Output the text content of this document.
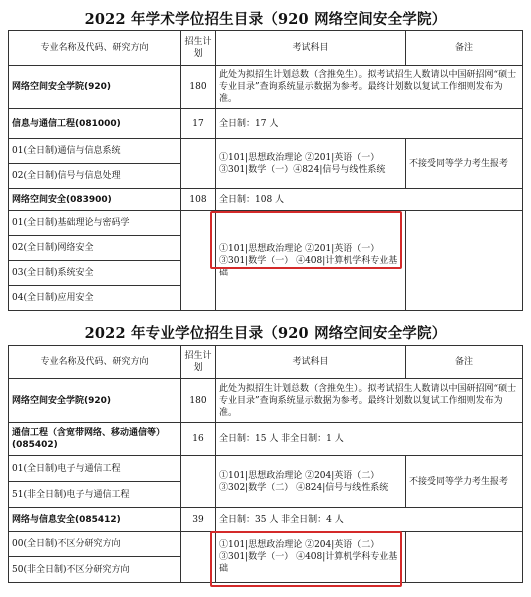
2022 年学术学位招生目录（920 网络空间安全学院）
专业名称及代码、研究方向	招生计划	考试科目	备注
网络空间安全学院(920)	180	此处为拟招生计划总数（含推免生）。拟考试招生人数请以中国研招网“硕士专业目录”查询系统显示数据为参考。最终计划数以复试工作细则发布为准。	
信息与通信工程(081000)	17	全日制：17 人	
01(全日制)通信与信息系统		①101|思想政治理论 ②201|英语（一）③301|数学（一）④824|信号与线性系统	不接受同等学力考生报考
02(全日制)信号与信息处理			
网络空间安全(083900)	108	全日制：108 人	
01(全日制)基础理论与密码学		①101|思想政治理论 ②201|英语（一）③301|数学（一） ④408|计算机学科专业基础	
02(全日制)网络安全			
03(全日制)系统安全			
04(全日制)应用安全			
2022 年专业学位招生目录（920 网络空间安全学院）
专业名称及代码、研究方向	招生计划	考试科目	备注
网络空间安全学院(920)	180	此处为拟招生计划总数（含推免生）。拟考试招生人数请以中国研招网“硕士专业目录”查询系统显示数据为参考。最终计划数以复试工作细则发布为准。	
通信工程（含宽带网络、移动通信等）(085402)	16	全日制：15 人 非全日制：1 人	
01(全日制)电子与通信工程		①101|思想政治理论 ②204|英语（二）③302|数学（二） ④824|信号与线性系统	不接受同等学力考生报考
51(非全日制)电子与通信工程			
网络与信息安全(085412)	39	全日制：35 人 非全日制：4 人	
00(全日制)不区分研究方向		①101|思想政治理论 ②204|英语（二）③301|数学（一） ④408|计算机学科专业基础	
50(非全日制)不区分研究方向			
